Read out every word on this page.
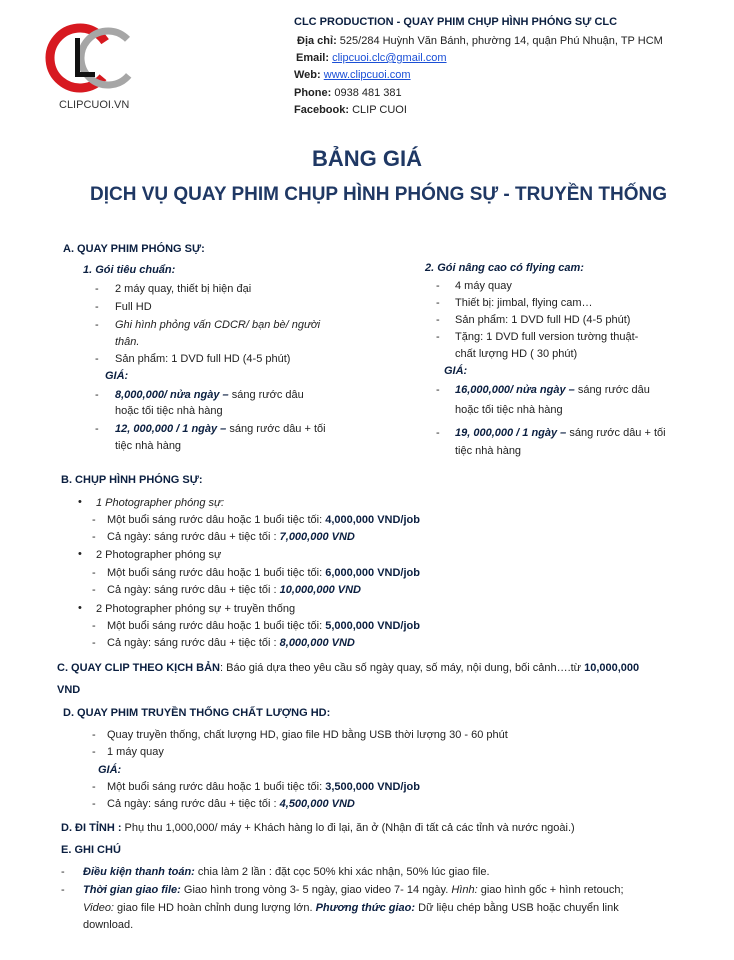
CLIPCUOI.VN
CLC PRODUCTION - QUAY PHIM CHỤP HÌNH PHÓNG SỰ CLC
Địa chỉ: 525/284 Huỳnh Văn Bánh, phường 14, quận Phú Nhuận, TP HCM
Email: clipcuoi.clc@gmail.com
Web: www.clipcuoi.com
Phone: 0938 481 381
Facebook: CLIP CUOI
BẢNG GIÁ
DỊCH VỤ QUAY PHIM CHỤP HÌNH PHÓNG SỰ - TRUYỀN THỐNG
A. QUAY PHIM PHÓNG SỰ:
1. Gói tiêu chuẩn:
- 2 máy quay, thiết bị hiện đại
- Full HD
- Ghi hình phỏng vấn CDCR/ bạn bè/ người
thân.
- Sản phẩm: 1 DVD full HD (4-5 phút)
GIÁ:
- 8,000,000/ nửa ngày – sáng rước dâu
hoặc tối tiệc nhà hàng
- 12, 000,000 / 1 ngày – sáng rước dâu + tối
tiệc nhà hàng
2. Gói nâng cao có flying cam:
- 4 máy quay
- Thiết bị: jimbal, flying cam…
- Sản phẩm: 1 DVD full HD (4-5 phút)
- Tặng: 1 DVD full version tường thuật-
chất lượng HD ( 30 phút)
GIÁ:
- 16,000,000/ nửa ngày – sáng rước dâu
hoặc tối tiệc nhà hàng
- 19, 000,000 / 1 ngày – sáng rước dâu + tối
tiệc nhà hàng
B. CHỤP HÌNH PHÓNG SỰ:
• 1 Photographer phóng sự:
- Một buổi sáng rước dâu hoặc 1 buổi tiệc tối: 4,000,000 VND/job
- Cả ngày: sáng rước dâu + tiệc tối : 7,000,000 VND
• 2 Photographer phóng sự
- Một buổi sáng rước dâu hoặc 1 buổi tiệc tối: 6,000,000 VND/job
- Cả ngày: sáng rước dâu + tiệc tối : 10,000,000 VND
• 2 Photographer phóng sự + truyền thống
- Một buổi sáng rước dâu hoặc 1 buổi tiệc tối: 5,000,000 VND/job
- Cả ngày: sáng rước dâu + tiệc tối : 8,000,000 VND
C. QUAY CLIP THEO KỊCH BẢN: Báo giá dựa theo yêu cầu số ngày quay, số máy, nội dung, bối cảnh….từ 10,000,000
VND
D. QUAY PHIM TRUYỀN THỐNG CHẤT LƯỢNG HD:
- Quay truyền thống, chất lượng HD, giao file HD bằng USB thời lượng 30 - 60 phút
- 1 máy quay
GIÁ:
- Một buổi sáng rước dâu hoặc 1 buổi tiệc tối: 3,500,000 VND/job
- Cả ngày: sáng rước dâu + tiệc tối : 4,500,000 VND
D. ĐI TỈNH : Phụ thu 1,000,000/ máy + Khách hàng lo đi lại, ăn ở (Nhận đi tất cả các tỉnh và nước ngoài.)
E. GHI CHÚ
- Điều kiện thanh toán: chia làm 2 lần : đặt cọc 50% khi xác nhận, 50% lúc giao file.
- Thời gian giao file: Giao hình trong vòng 3- 5 ngày, giao video 7- 14 ngày. Hình: giao hình gốc + hình retouch;
Video: giao file HD hoàn chỉnh dung lượng lớn. Phương thức giao: Dữ liệu chép bằng USB hoặc chuyển link
download.
